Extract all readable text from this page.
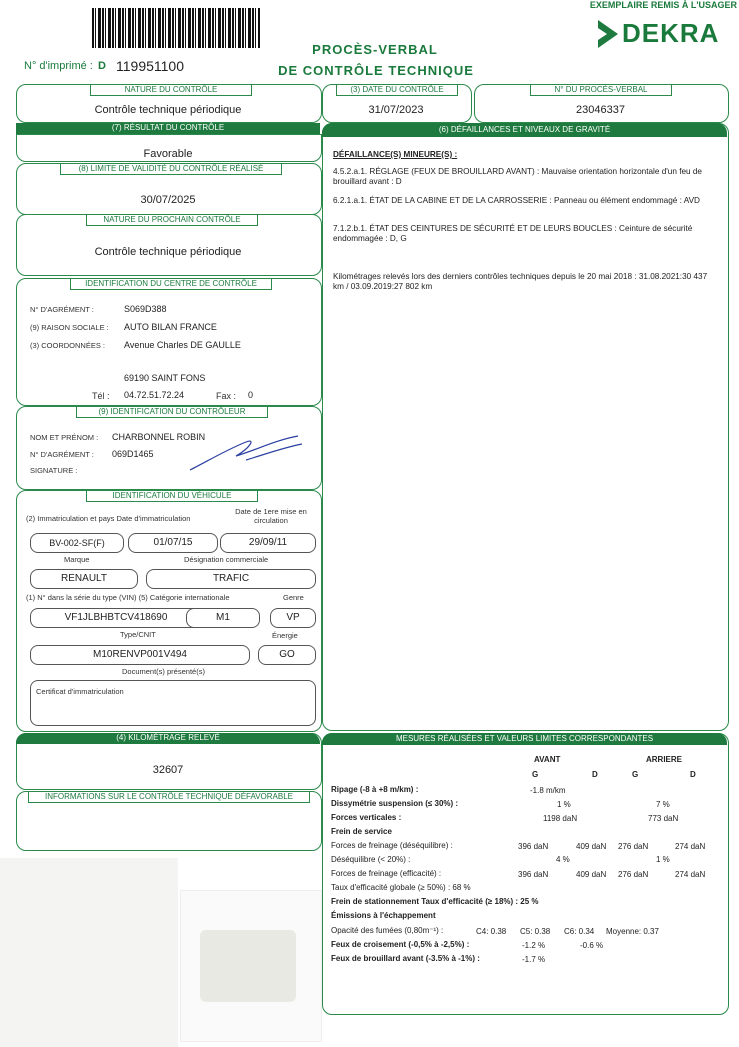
EXEMPLAIRE REMIS À L'USAGER
DEKRA
PROCÈS-VERBAL
DE CONTRÔLE TECHNIQUE
N° d'imprimé : D 119951100
NATURE DU CONTRÔLE
Contrôle technique périodique
(3) DATE DU CONTRÔLE
31/07/2023
N° DU PROCÈS-VERBAL
23046337
(7) RÉSULTAT DU CONTRÔLE
Favorable
(8) LIMITE DE VALIDITÉ DU CONTRÔLE RÉALISÉ
30/07/2025
NATURE DU PROCHAIN CONTRÔLE
Contrôle technique périodique
IDENTIFICATION DU CENTRE DE CONTRÔLE
N° D'AGRÉMENT :	S069D388
(9) RAISON SOCIALE : AUTO BILAN FRANCE
(3) COORDONNÉES : Avenue Charles DE GAULLE
69190 SAINT FONS
Tél : 04.72.51.72.24	Fax : 0
(9) IDENTIFICATION DU CONTRÔLEUR
NOM ET PRÉNOM : CHARBONNEL ROBIN
N° D'AGRÉMENT : 069D1465
SIGNATURE :
IDENTIFICATION DU VÉHICULE
(2) Immatriculation et pays Date d'immatriculation
Date de 1ere mise en circulation
BV-002-SF(F)	01/07/15	29/09/11
Marque	Désignation commerciale
RENAULT	TRAFIC
(1) N° dans la série du type (VIN) (5) Catégorie internationale	Genre
VF1JLBHBTCV418690	M1	VP
Type/CNIT	Énergie
M10RENVP001V494	GO
Document(s) présenté(s)
Certificat d'immatriculation
(4) KILOMÉTRAGE RELEVÉ
32607
INFORMATIONS SUR LE CONTRÔLE TECHNIQUE DÉFAVORABLE
(6) DÉFAILLANCES ET NIVEAUX DE GRAVITÉ
DÉFAILLANCE(S) MINEURE(S) :
4.5.2.a.1. RÉGLAGE (FEUX DE BROUILLARD AVANT) : Mauvaise orientation horizontale d'un feu de brouillard avant : D
6.2.1.a.1. ÉTAT DE LA CABINE ET DE LA CARROSSERIE : Panneau ou élément endommagé : AVD
7.1.2.b.1. ÉTAT DES CEINTURES DE SÉCURITÉ ET DE LEURS BOUCLES : Ceinture de sécurité endommagée : D, G
Kilométrages relevés lors des derniers contrôles techniques depuis le 20 mai 2018 : 31.08.2021:30 437 km / 03.09.2019:27 802 km
MESURES RÉALISÉES ET VALEURS LIMITES CORRESPONDANTES
AVANT	ARRIERE
G	D	G	D
Ripage (-8 à +8 m/km) :	-1.8 m/km
Dissymétrie suspension (≤ 30%) :	1 %	7 %
Forces verticales :	1198 daN	773 daN
Frein de service
Forces de freinage (déséquilibre) :	396 daN	409 daN 276 daN	274 daN
Déséquilibre (< 20%) :	4 %	1 %
Forces de freinage (efficacité) :	396 daN	409 daN 276 daN	274 daN
Taux d'efficacité globale (≥ 50%) : 68 %
Frein de stationnement Taux d'efficacité (≥ 18%) : 25 %
Émissions à l'échappement
Opacité des fumées (0,80m⁻¹) :	C4: 0.38 C5: 0.38 C6: 0.34 Moyenne: 0.37
Feux de croisement (-0,5% à -2,5%) :	-1.2 %	-0.6 %
Feux de brouillard avant (-3.5% à -1%) :	-1.7 %
